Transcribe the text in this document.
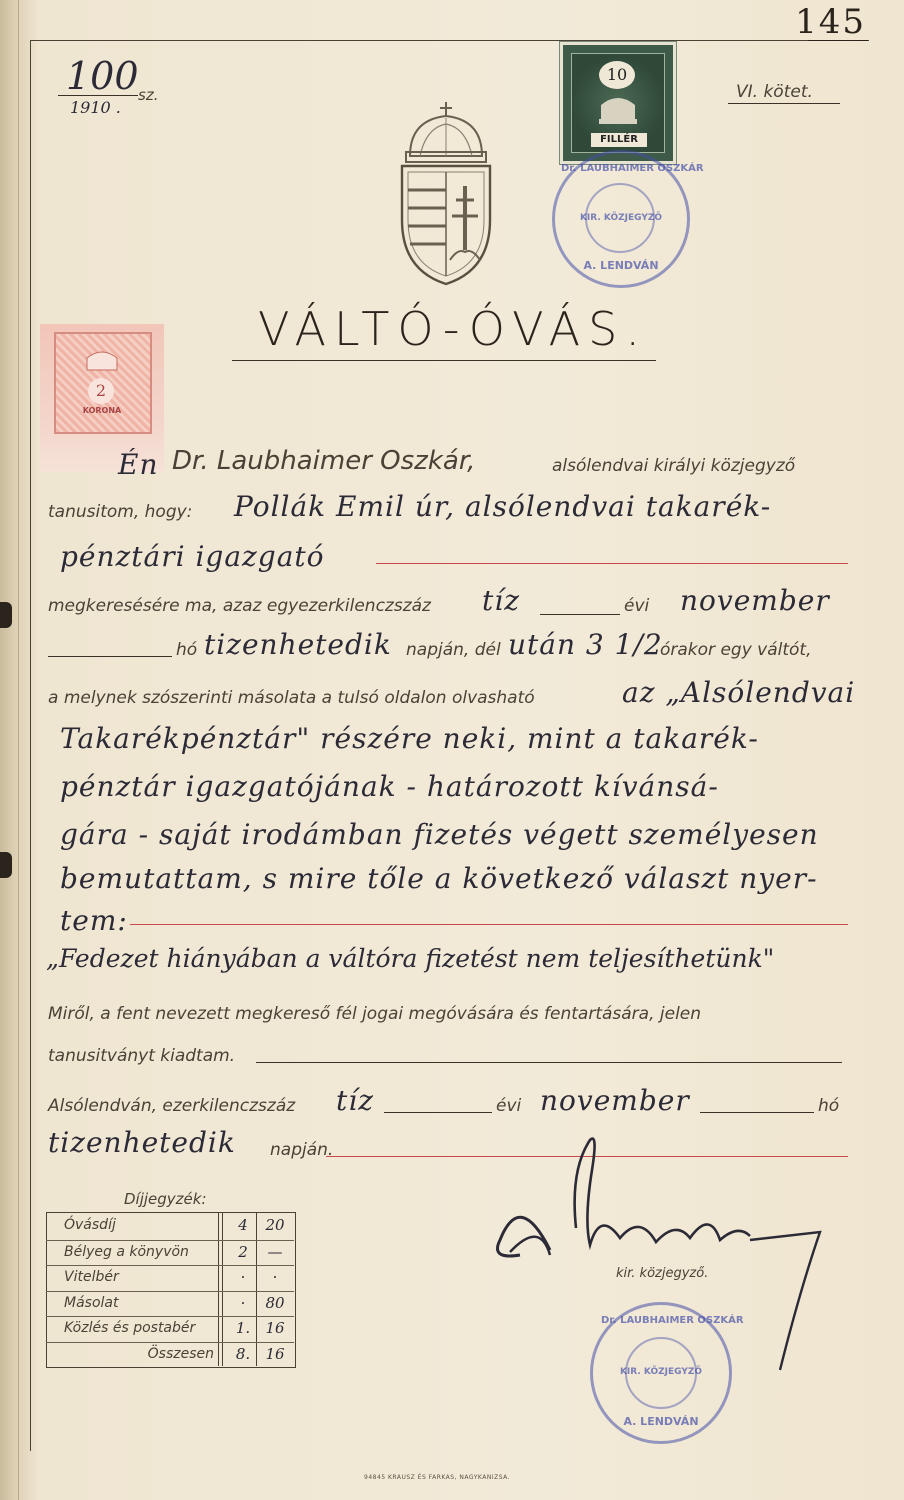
145
100 sz.
1910 .
VI. kötet.
10
FILLÉR
2
KORONA
Dr. LAUBHAIMER OSZKÁR
KIR. KÖZJEGYZŐ
A. LENDVÁN
Dr. LAUBHAIMER OSZKÁR
KIR. KÖZJEGYZŐ
A. LENDVÁN
VÁLTÓ-ÓVÁS.
Én Dr. Laubhaimer Oszkár,	alsólendvai királyi közjegyző
tanusitom, hogy: Pollák Emil úr, alsólendvai takarék-
pénztári igazgató
megkeresésére ma, azaz egyezerkilenczszáz tíz	évi november
hó tizenhetedik napján, dél után 3 1/2
órakor egy váltót,
a melynek szószerinti másolata a tulsó oldalon olvasható	az „Alsólendvai
Takarékpénztár" részére neki, mint a takarék-
pénztár igazgatójának - határozott kívánsá-
gára - saját irodámban fizetés végett személyesen
bemutattam, s mire tőle a következő választ nyer-
tem:
„Fedezet hiányában a váltóra fizetést nem teljesíthetünk"
Miről, a fent nevezett megkereső fél jogai megóvására és fentartására, jelen
tanusitványt kiadtam.
Alsólendván, ezerkilenczszáz tíz	évi november	hó
tizenhetedik napján.
Díjjegyzék:
Óvásdíj	4	20
Bélyeg a könyvön	2	—
Vitelbér	·	·
Másolat	·	80
Közlés és postabér	1.	16
Összesen	8.	16
kir. közjegyző.
94845 KRAUSZ ÉS FARKAS, NAGYKANIZSA.
